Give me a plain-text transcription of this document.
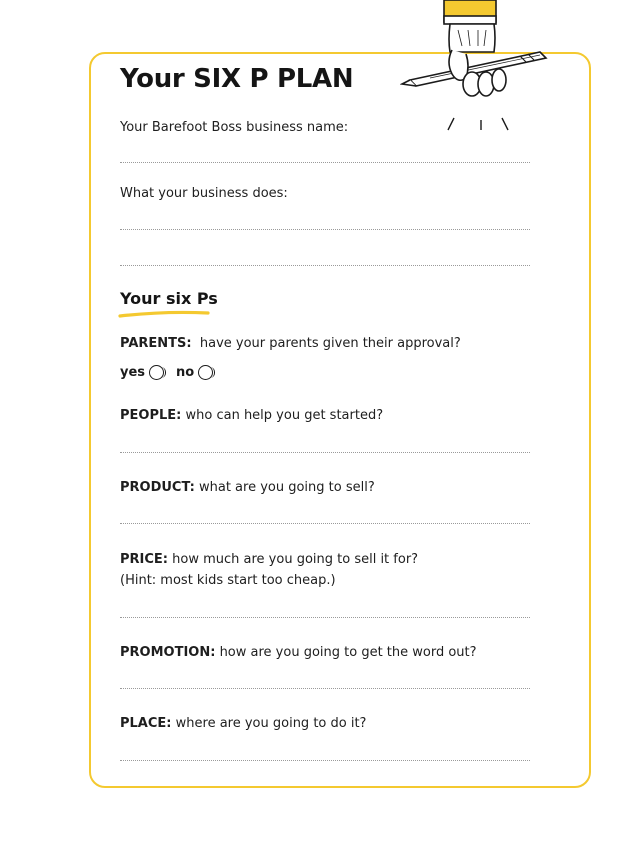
Your SIX P PLAN
Your Barefoot Boss business name:
What your business does:
Your six Ps
PARENTS: have your parents given their approval?
yes no
PEOPLE: who can help you get started?
PRODUCT: what are you going to sell?
PRICE: how much are you going to sell it for?
(Hint: most kids start too cheap.)
PROMOTION: how are you going to get the word out?
PLACE: where are you going to do it?
